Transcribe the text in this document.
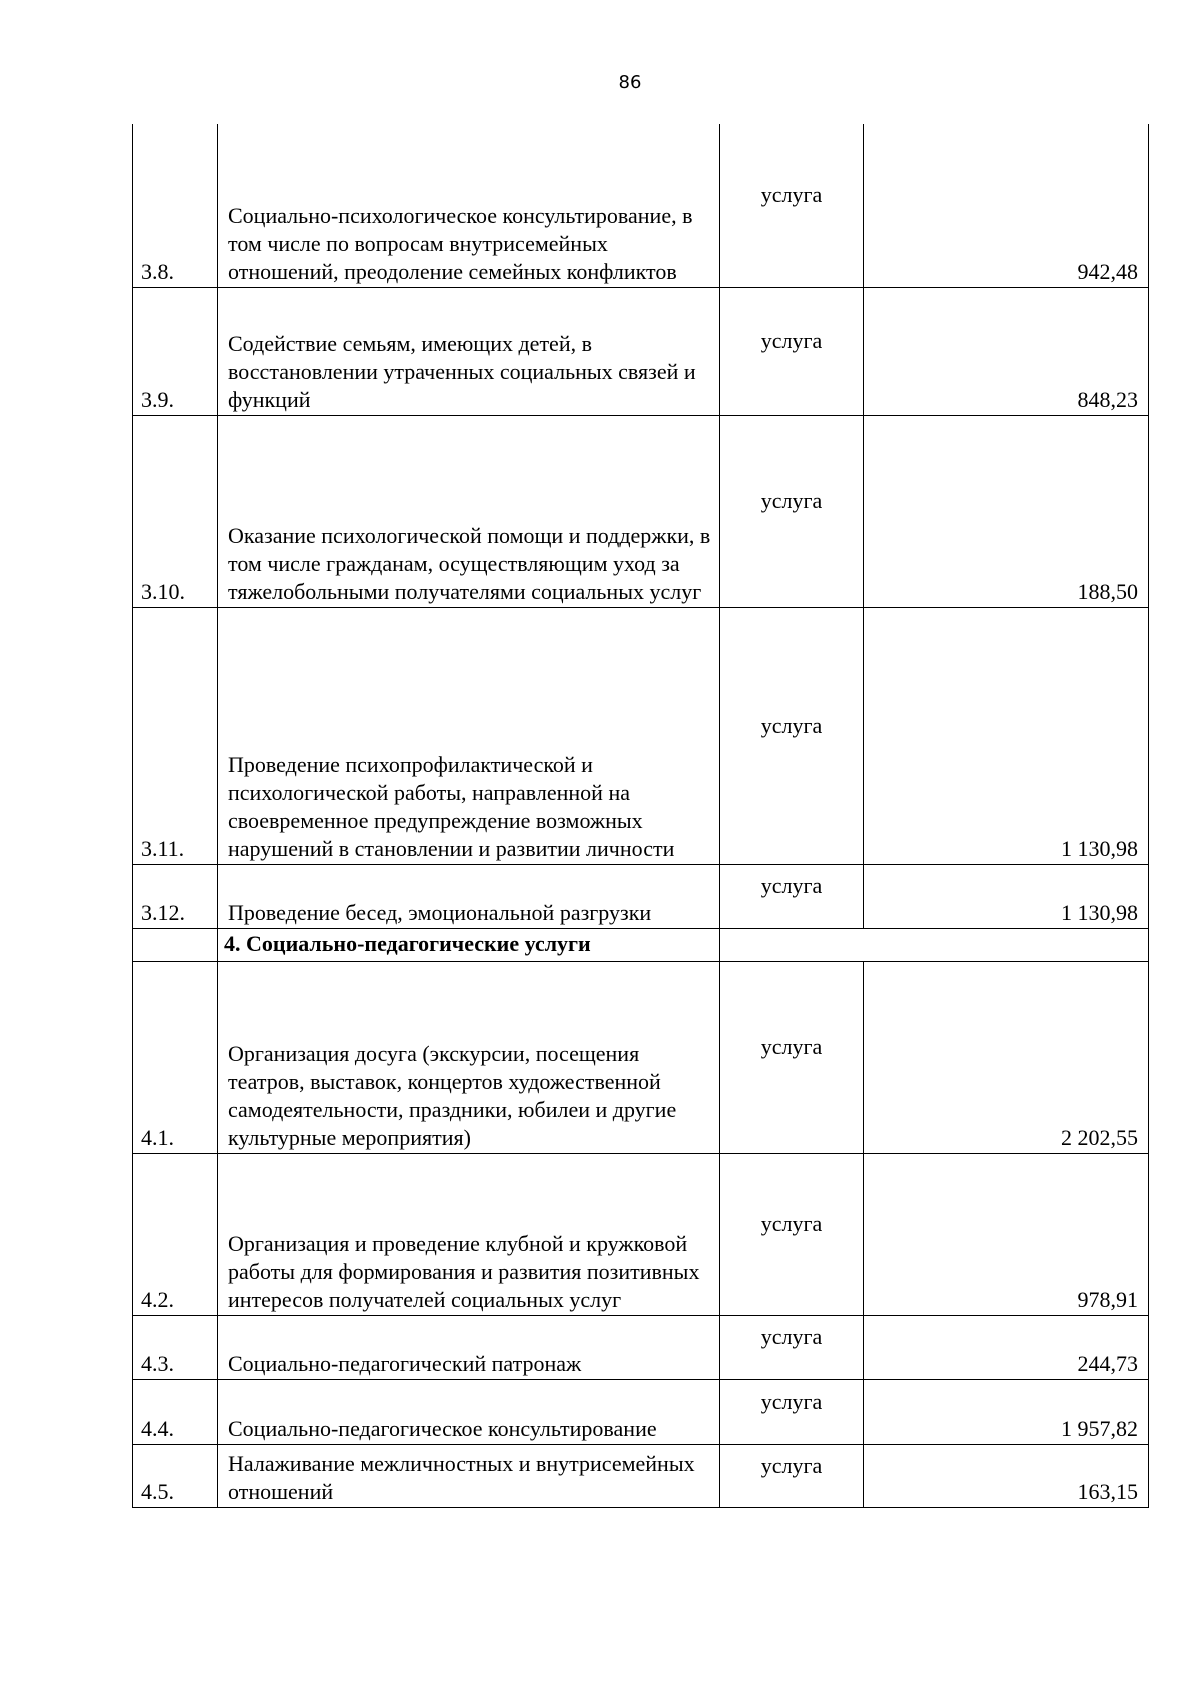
86
3.8.	Социально-психологическое консультирование, в том числе по вопросам внутрисемейных отношений, преодоление семейных конфликтов	услуга	942,48
3.9.	Содействие семьям, имеющих детей, в восстановлении утраченных социальных связей и функций	услуга	848,23
3.10.	Оказание психологической помощи и поддержки, в том числе гражданам, осуществляющим уход за тяжелобольными получателями социальных услуг	услуга	188,50
3.11.	Проведение психопрофилактической и психологической работы, направленной на своевременное предупреждение возможных нарушений в становлении и развитии личности	услуга	1 130,98
3.12.	Проведение бесед, эмоциональной разгрузки	услуга	1 130,98
	4. Социально-педагогические услуги		
4.1.	Организация досуга (экскурсии, посещения театров, выставок, концертов художественной самодеятельности, праздники, юбилеи и другие культурные мероприятия)	услуга	2 202,55
4.2.	Организация и проведение клубной и кружковой работы для формирования и развития позитивных интересов получателей социальных услуг	услуга	978,91
4.3.	Социально-педагогический патронаж	услуга	244,73
4.4.	Социально-педагогическое консультирование	услуга	1 957,82
4.5.	Налаживание межличностных и внутрисемейных отношений	услуга	163,15
